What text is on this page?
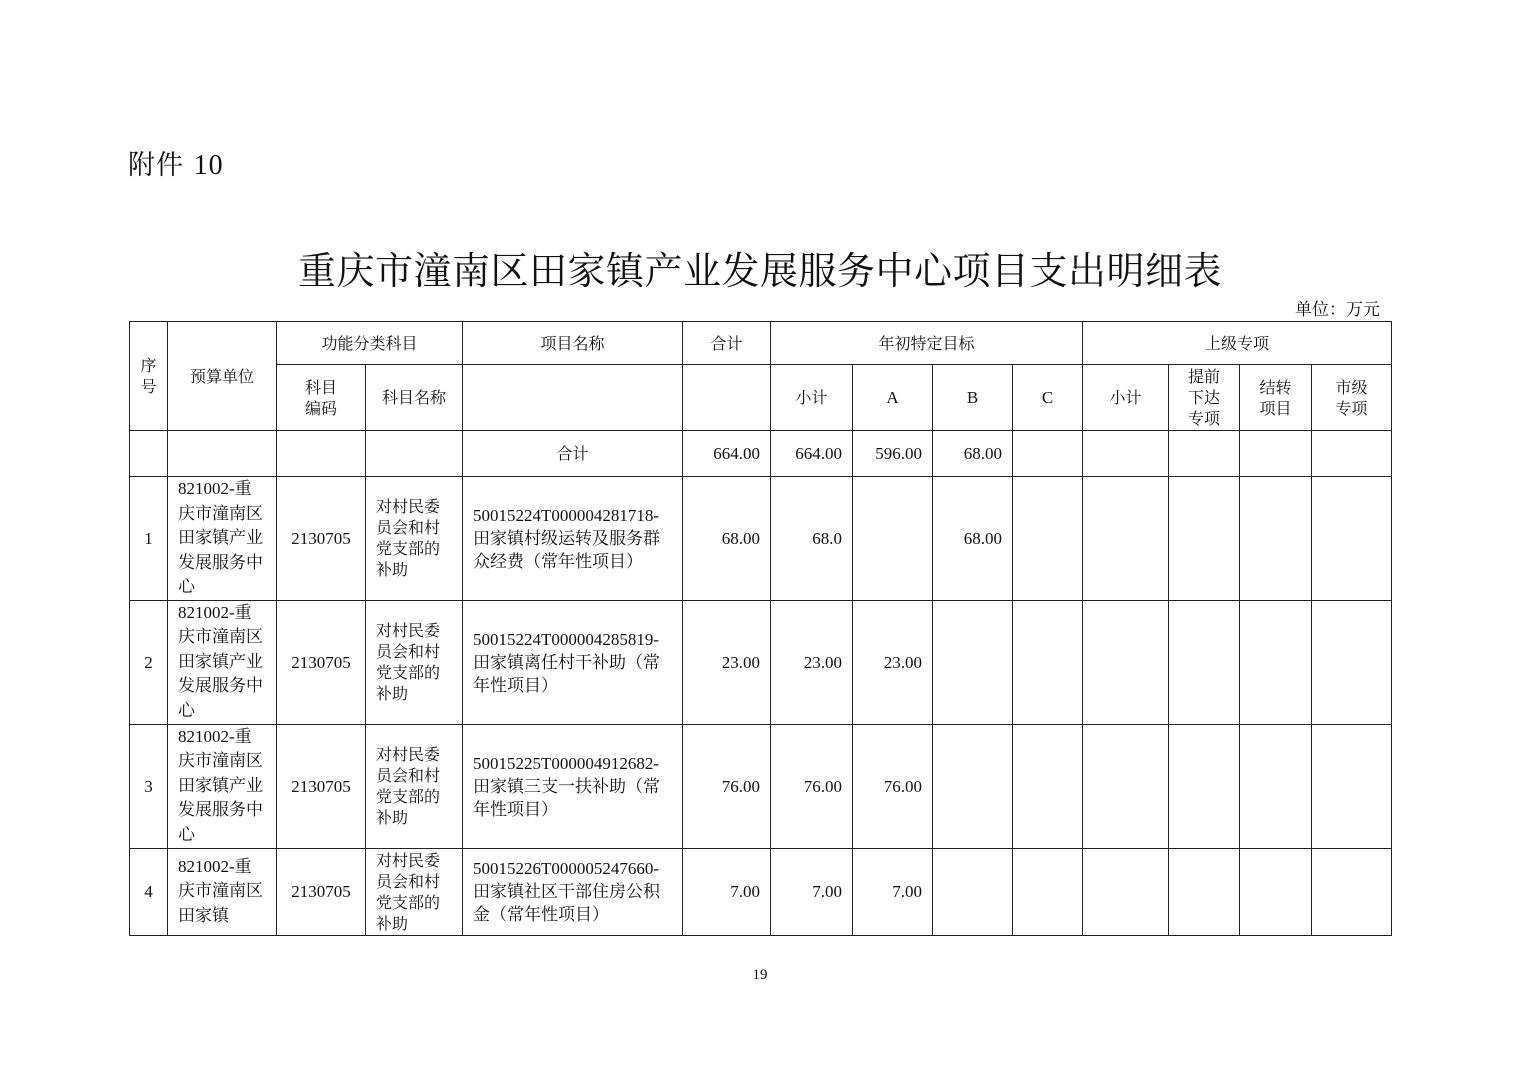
附件 10
重庆市潼南区田家镇产业发展服务中心项目支出明细表
单位：万元
序号	预算单位	功能分类科目		项目名称	合计	年初特定目标				上级专项			

		科目编码	科目名称			小计	A	B	C	小计	提前下达专项	结转项目	市级专项

				合计	664.00	664.00	596.00	68.00					
1	821002-重庆市潼南区田家镇产业发展服务中心	2130705	对村民委员会和村党支部的补助	50015224T000004281718-田家镇村级运转及服务群众经费（常年性项目）	68.00	68.0		68.00					
2	821002-重庆市潼南区田家镇产业发展服务中心	2130705	对村民委员会和村党支部的补助	50015224T000004285819-田家镇离任村干补助（常年性项目）	23.00	23.00	23.00						
3	821002-重庆市潼南区田家镇产业发展服务中心	2130705	对村民委员会和村党支部的补助	50015225T000004912682-田家镇三支一扶补助（常年性项目）	76.00	76.00	76.00						
4	821002-重庆市潼南区田家镇	2130705	对村民委员会和村党支部的补助	50015226T000005247660-田家镇社区干部住房公积金（常年性项目）	7.00	7.00	7.00						
19
